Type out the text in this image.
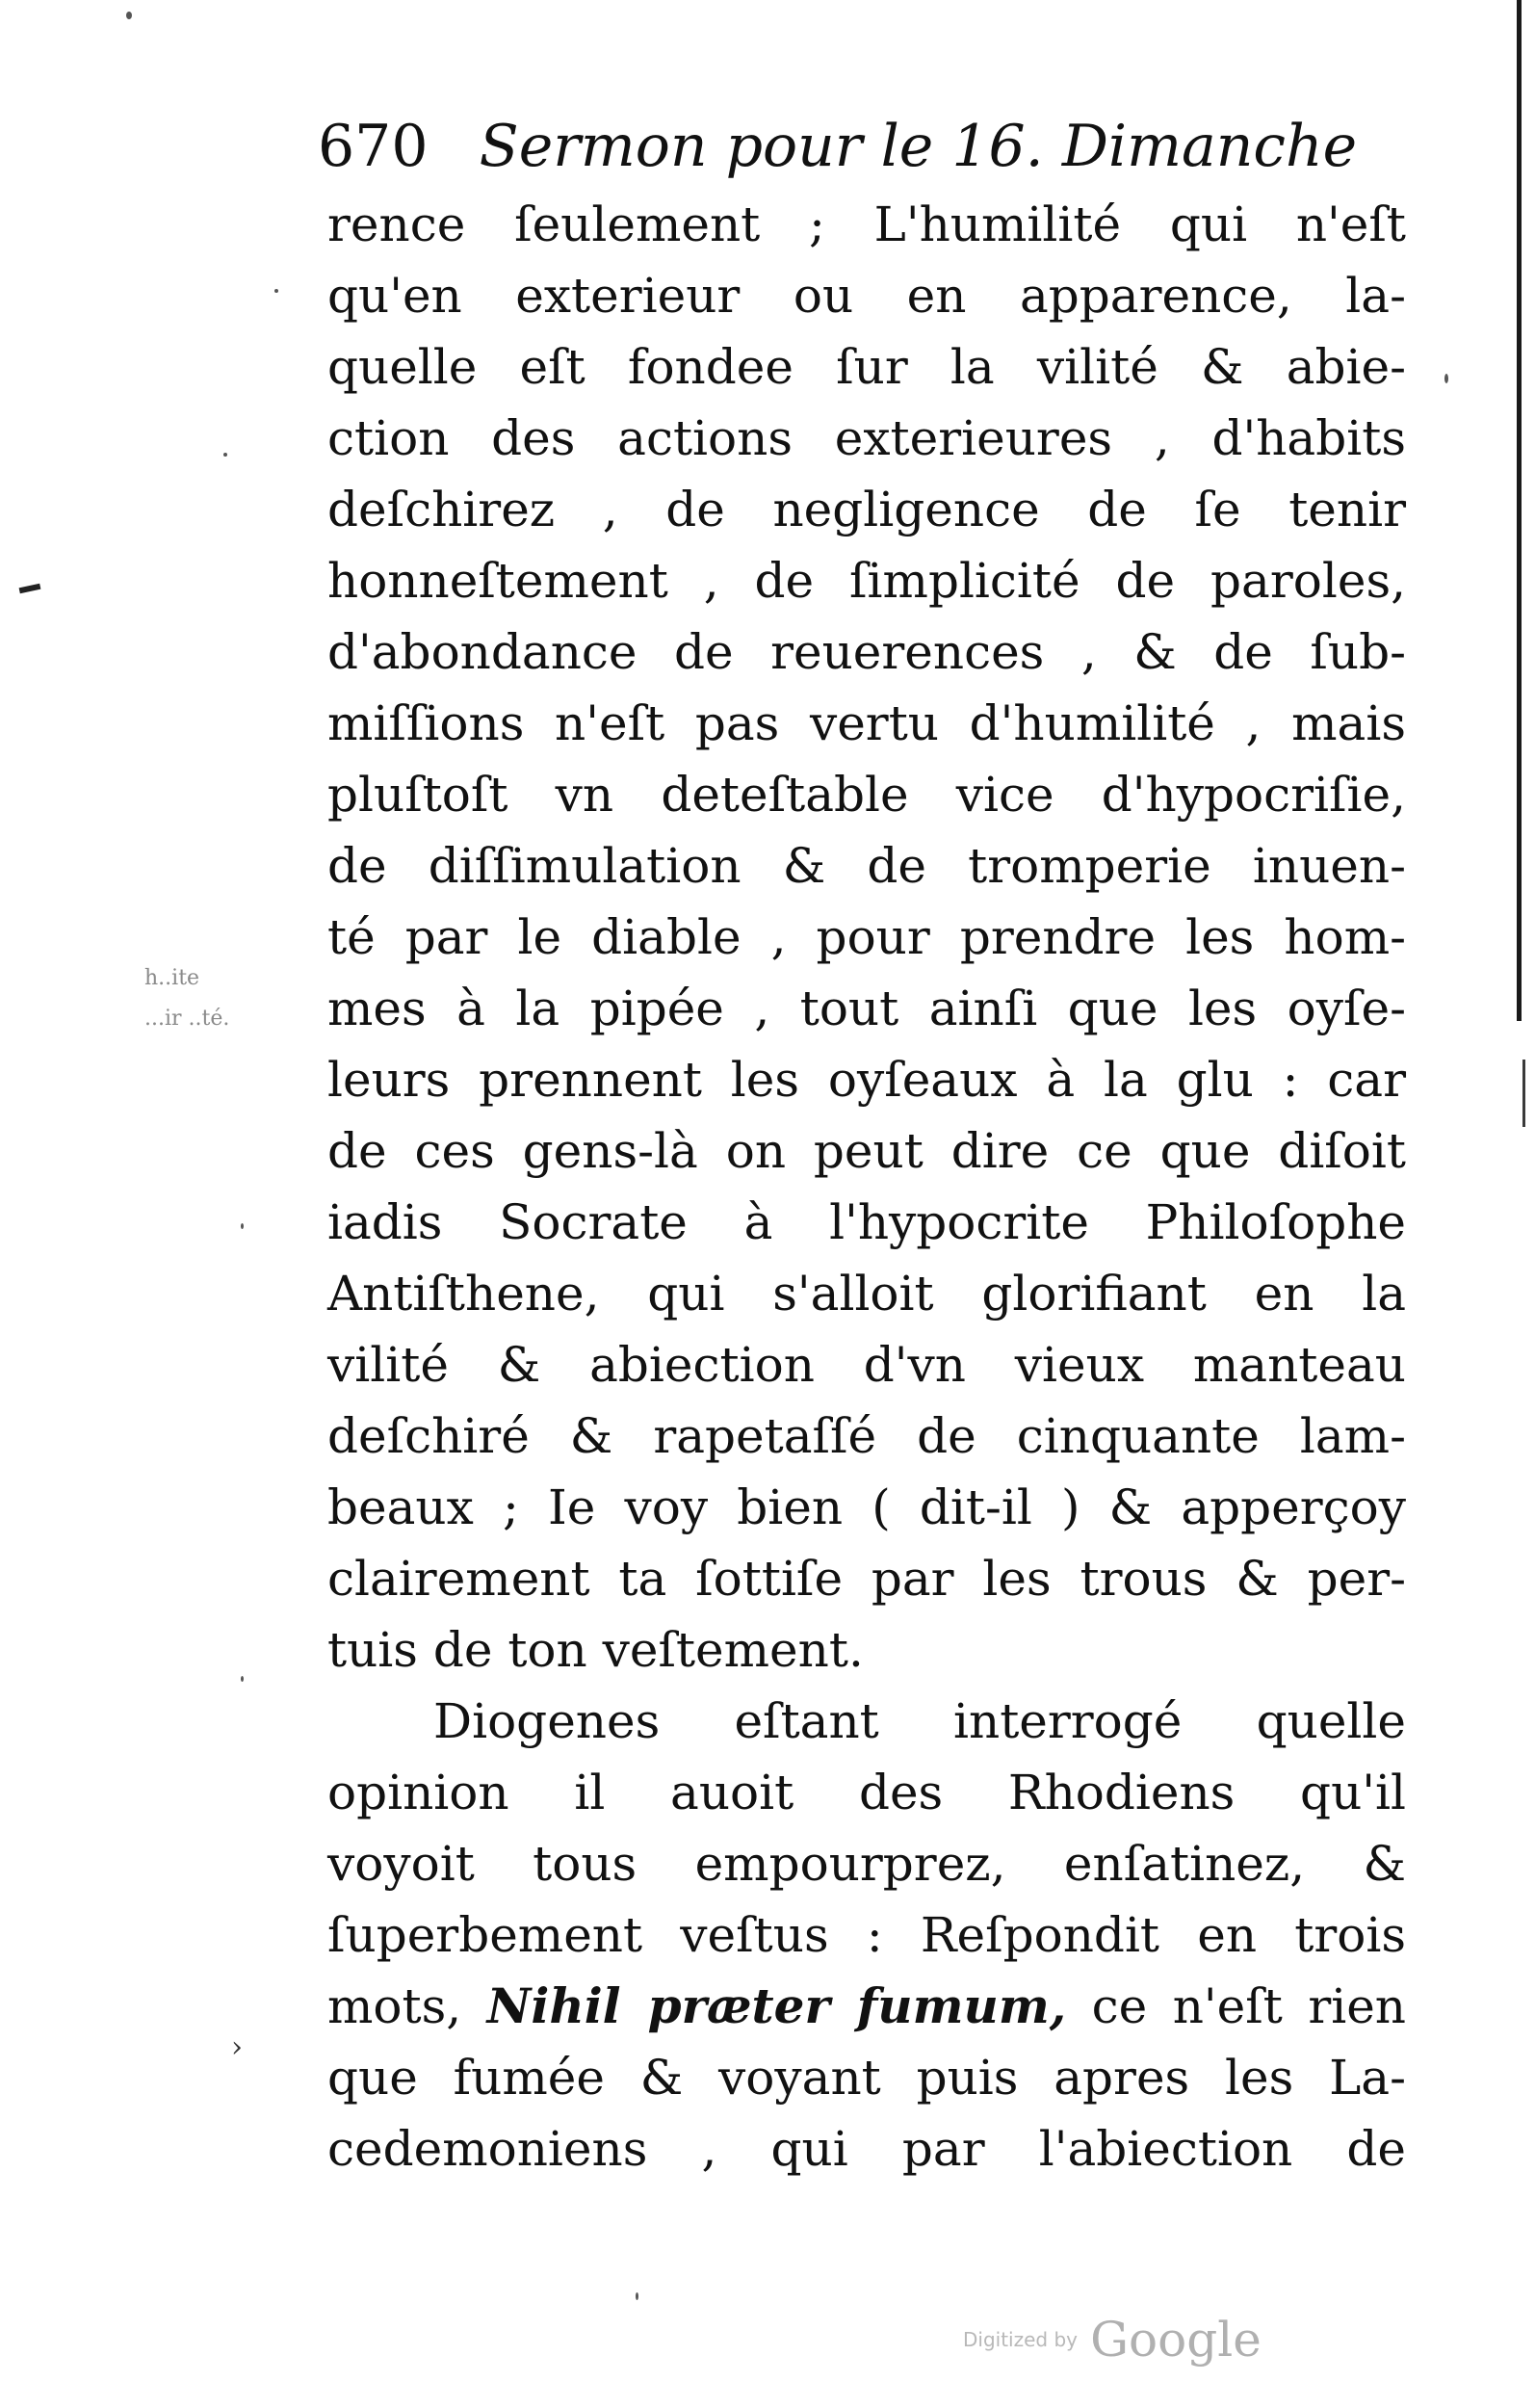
670 Sermon pour le 16. Dimanche
h..ite
...ir ..té.
rence ſeulement ; L'humilité qui n'eſt
qu'en exterieur ou en apparence, la-
quelle eſt fondee ſur la vilité & abie-
ction des actions exterieures , d'habits
deſchirez , de negligence de ſe tenir
honneſtement , de ſimplicité de paroles,
d'abondance de reuerences , & de ſub-
miſſions n'eſt pas vertu d'humilité , mais
pluſtoſt vn deteſtable vice d'hypocriſie,
de diſſimulation & de tromperie inuen-
té par le diable , pour prendre les hom-
mes à la pipée , tout ainſi que les oyſe-
leurs prennent les oyſeaux à la glu : car
de ces gens-là on peut dire ce que diſoit
iadis Socrate à l'hypocrite Philoſophe
Antiſthene, qui s'alloit glorifiant en la
vilité & abiection d'vn vieux manteau
deſchiré & rapetaſſé de cinquante lam-
beaux ; Ie voy bien ( dit-il ) & apperçoy
clairement ta ſottiſe par les trous & per-
tuis de ton veſtement.
Diogenes eſtant interrogé quelle
opinion il auoit des Rhodiens qu'il
voyoit tous empourprez, enſatinez, &
ſuperbement veſtus : Reſpondit en trois
mots, Nihil præter fumum, ce n'eſt rien
que fumée & voyant puis apres les La-
cedemoniens , qui par l'abiection de
›
Digitized by Google
